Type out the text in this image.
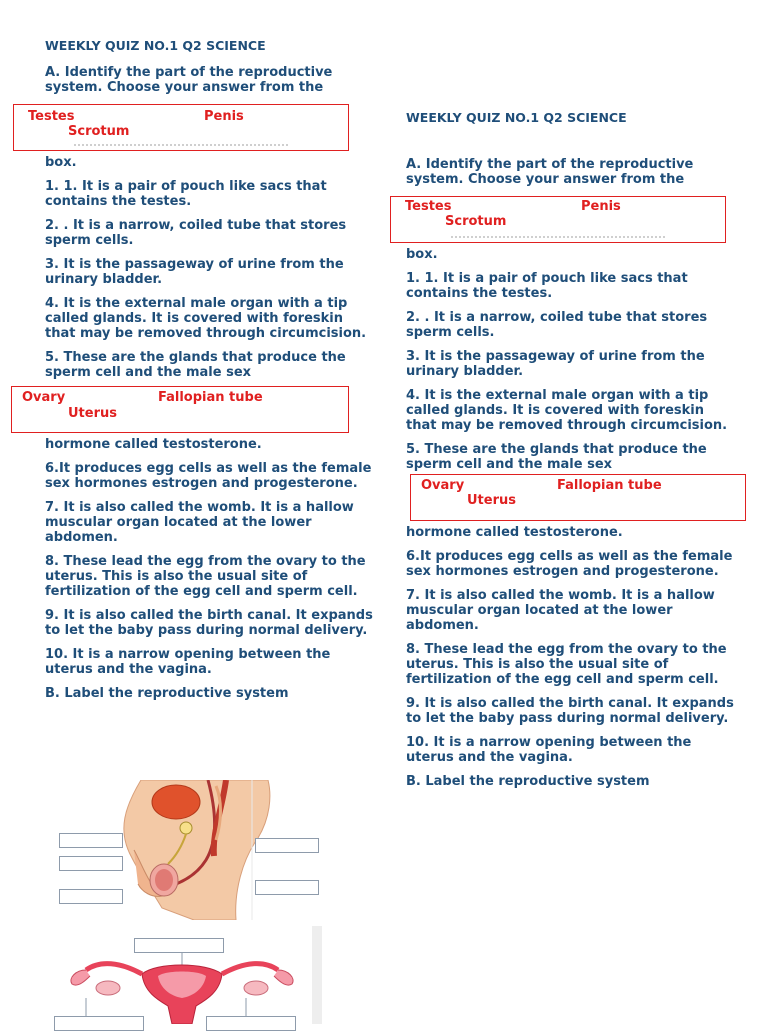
WEEKLY QUIZ NO.1 Q2 SCIENCE
A. Identify the part of the reproductive system. Choose your answer from the
Testes	Penis
Scrotum
box.
1. 1. It is a pair of pouch like sacs that contains the testes.
2. . It is a narrow, coiled tube that stores sperm cells.
3. It is the passageway of urine from the urinary bladder.
4. It is the external male organ with a tip called glands. It is covered with foreskin that may be removed through circumcision.
5. These are the glands that produce the sperm cell and the male sex
Ovary	Fallopian tube
Uterus
hormone called testosterone.
6.It produces egg cells as well as the female sex hormones estrogen and progesterone.
7. It is also called the womb. It is a hallow muscular organ located at the lower abdomen.
8. These lead the egg from the ovary to the uterus. This is also the usual site of fertilization of the egg cell and sperm cell.
9. It is also called the birth canal. It expands to let the baby pass during normal delivery.
10. It is a narrow opening between the uterus and the vagina.
B. Label the reproductive system
WEEKLY QUIZ NO.1 Q2 SCIENCE
A. Identify the part of the reproductive system. Choose your answer from the
Testes	Penis
Scrotum
box.
1. 1. It is a pair of pouch like sacs that contains the testes.
2. . It is a narrow, coiled tube that stores sperm cells.
3. It is the passageway of urine from the urinary bladder.
4. It is the external male organ with a tip called glands. It is covered with foreskin that may be removed through circumcision.
5. These are the glands that produce the sperm cell and the male sex
Ovary	Fallopian tube
Uterus
hormone called testosterone.
6.It produces egg cells as well as the female sex hormones estrogen and progesterone.
7. It is also called the womb. It is a hallow muscular organ located at the lower abdomen.
8. These lead the egg from the ovary to the uterus. This is also the usual site of fertilization of the egg cell and sperm cell.
9. It is also called the birth canal. It expands to let the baby pass during normal delivery.
10. It is a narrow opening between the uterus and the vagina.
B. Label the reproductive system
